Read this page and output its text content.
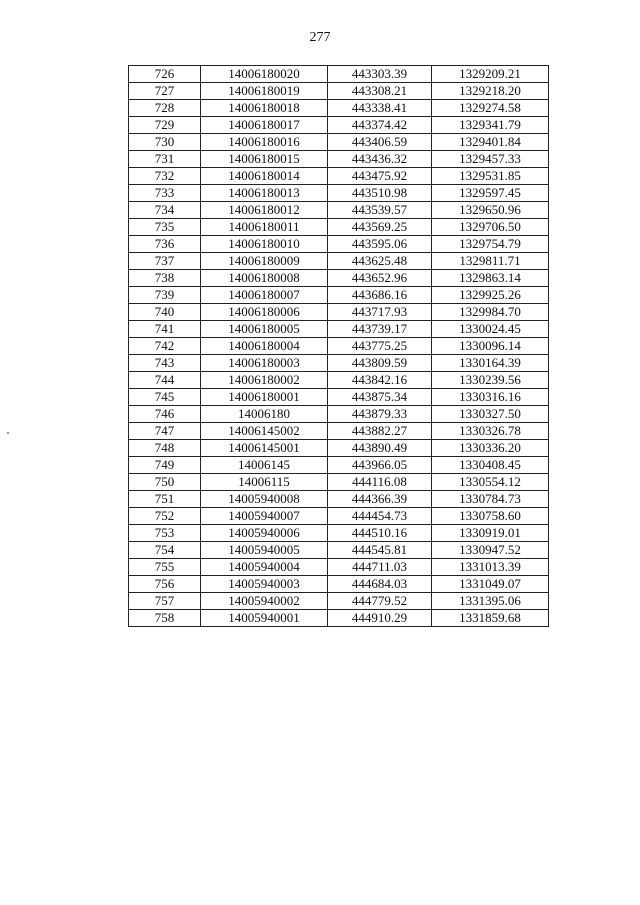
277
726	14006180020	443303.39	1329209.21
727	14006180019	443308.21	1329218.20
728	14006180018	443338.41	1329274.58
729	14006180017	443374.42	1329341.79
730	14006180016	443406.59	1329401.84
731	14006180015	443436.32	1329457.33
732	14006180014	443475.92	1329531.85
733	14006180013	443510.98	1329597.45
734	14006180012	443539.57	1329650.96
735	14006180011	443569.25	1329706.50
736	14006180010	443595.06	1329754.79
737	14006180009	443625.48	1329811.71
738	14006180008	443652.96	1329863.14
739	14006180007	443686.16	1329925.26
740	14006180006	443717.93	1329984.70
741	14006180005	443739.17	1330024.45
742	14006180004	443775.25	1330096.14
743	14006180003	443809.59	1330164.39
744	14006180002	443842.16	1330239.56
745	14006180001	443875.34	1330316.16
746	14006180	443879.33	1330327.50
747	14006145002	443882.27	1330326.78
748	14006145001	443890.49	1330336.20
749	14006145	443966.05	1330408.45
750	14006115	444116.08	1330554.12
751	14005940008	444366.39	1330784.73
752	14005940007	444454.73	1330758.60
753	14005940006	444510.16	1330919.01
754	14005940005	444545.81	1330947.52
755	14005940004	444711.03	1331013.39
756	14005940003	444684.03	1331049.07
757	14005940002	444779.52	1331395.06
758	14005940001	444910.29	1331859.68
